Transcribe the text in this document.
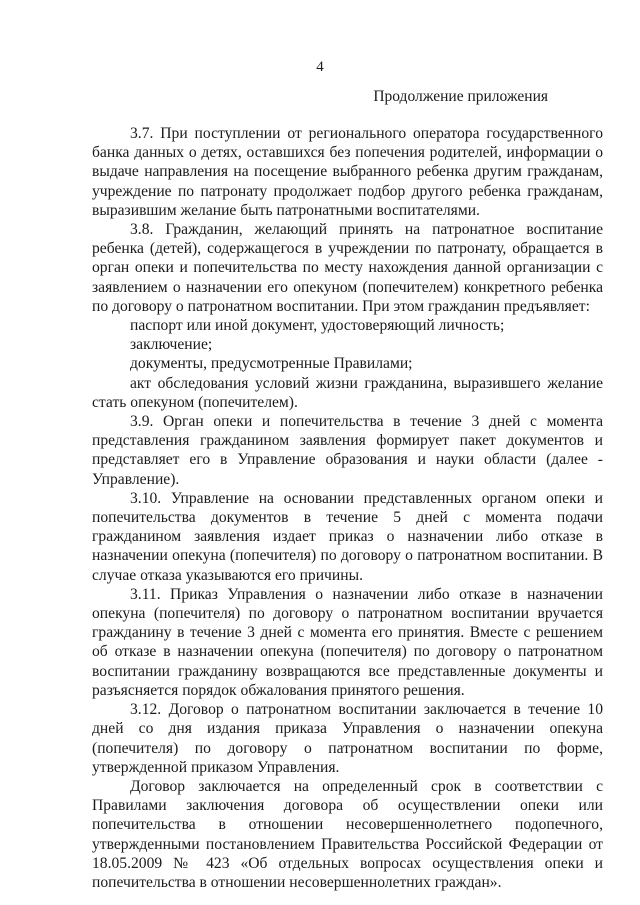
4
Продолжение приложения

3.7. При поступлении от регионального оператора государственного банка данных о детях, оставшихся без попечения родителей, информации о выдаче направления на посещение выбранного ребенка другим гражданам, учреждение по патронату продолжает подбор другого ребенка гражданам, выразившим желание быть патронатными воспитателями.

3.8. Гражданин, желающий принять на патронатное воспитание ребенка (детей), содержащегося в учреждении по патронату, обращается в орган опеки и попечительства по месту нахождения данной организации с заявлением о назначении его опекуном (попечителем) конкретного ребенка по договору о патронатном воспитании. При этом гражданин предъявляет:

паспорт или иной документ, удостоверяющий личность;

заключение;

документы, предусмотренные Правилами;

акт обследования условий жизни гражданина, выразившего желание стать опекуном (попечителем).

3.9. Орган опеки и попечительства в течение 3 дней с момента представления гражданином заявления формирует пакет документов и представляет его в Управление образования и науки области (далее - Управление).

3.10. Управление на основании представленных органом опеки и попечительства документов в течение 5 дней с момента подачи гражданином заявления издает приказ о назначении либо отказе в назначении опекуна (попечителя) по договору о патронатном воспитании. В случае отказа указываются его причины.

3.11. Приказ Управления о назначении либо отказе в назначении опекуна (попечителя) по договору о патронатном воспитании вручается гражданину в течение 3 дней с момента его принятия. Вместе с решением об отказе в назначении опекуна (попечителя) по договору о патронатном воспитании гражданину возвращаются все представленные документы и разъясняется порядок обжалования принятого решения.

3.12. Договор о патронатном воспитании заключается в течение 10 дней со дня издания приказа Управления о назначении опекуна (попечителя) по договору о патронатном воспитании по форме, утвержденной приказом Управления.

Договор заключается на определенный срок в соответствии с Правилами заключения договора об осуществлении опеки или попечительства в отношении несовершеннолетнего подопечного, утвержденными постановлением Правительства Российской Федерации от 18.05.2009 № 423 «Об отдельных вопросах осуществления опеки и попечительства в отношении несовершеннолетних граждан».
